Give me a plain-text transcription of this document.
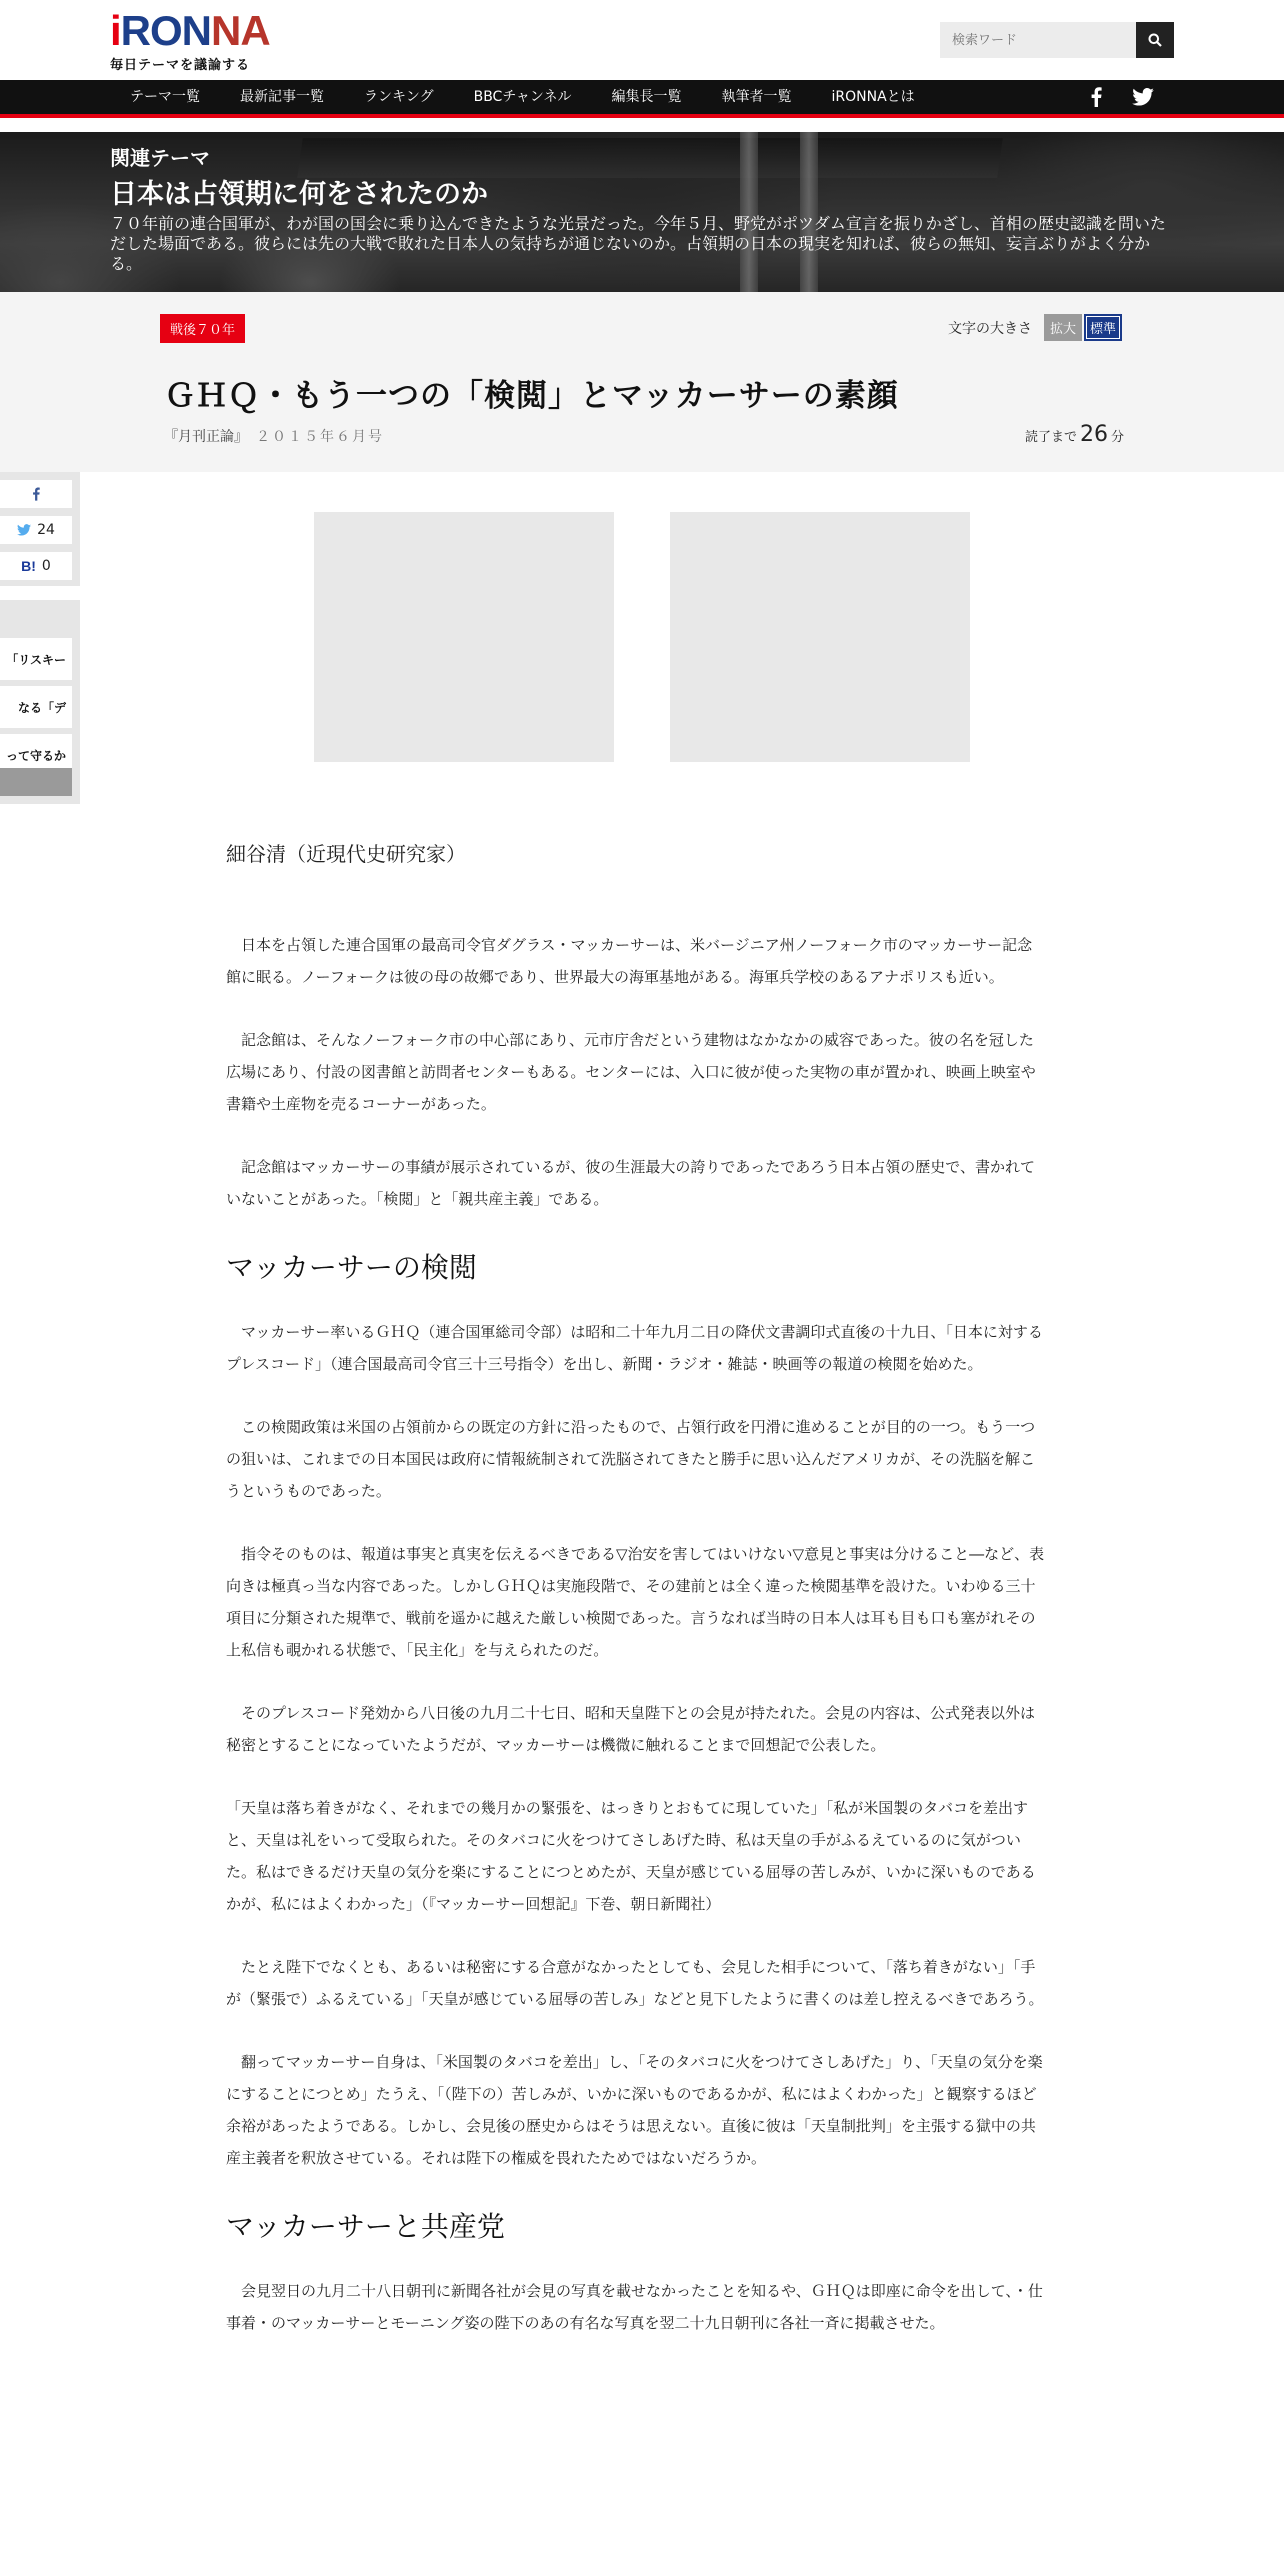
iRONNA
毎日テーマを議論する
検索ワード
テーマ一覧	最新記事一覧	ランキング	BBCチャンネル	編集長一覧	執筆者一覧	iRONNAとは
関連テーマ
日本は占領期に何をされたのか
７０年前の連合国軍が、わが国の国会に乗り込んできたような光景だった。今年５月、野党がポツダム宣言を振りかざし、首相の歴史認識を問いただした場面である。彼らには先の大戦で敗れた日本人の気持ちが通じないのか。占領期の日本の現実を知れば、彼らの無知、妄言ぶりがよく分かる。
戦後７０年	文字の大きさ	拡大	標準
ＧＨＱ・もう一つの「検閲」とマッカーサーの素顔
『月刊正論』 ２０１５年６月号	読了まで 26 分
24
B! 0
「リスキー
なる「デ
って守るか
細谷清（近現代史研究家）

日本を占領した連合国軍の最高司令官ダグラス・マッカーサーは、米バージニア州ノーフォーク市のマッカーサー記念館に眠る。ノーフォークは彼の母の故郷であり、世界最大の海軍基地がある。海軍兵学校のあるアナポリスも近い。

記念館は、そんなノーフォーク市の中心部にあり、元市庁舎だという建物はなかなかの威容であった。彼の名を冠した広場にあり、付設の図書館と訪問者センターもある。センターには、入口に彼が使った実物の車が置かれ、映画上映室や書籍や土産物を売るコーナーがあった。

記念館はマッカーサーの事績が展示されているが、彼の生涯最大の誇りであったであろう日本占領の歴史で、書かれていないことがあった。「検閲」と「親共産主義」である。

マッカーサーの検閲

マッカーサー率いるＧＨＱ（連合国軍総司令部）は昭和二十年九月二日の降伏文書調印式直後の十九日、「日本に対するプレスコード」（連合国最高司令官三十三号指令）を出し、新聞・ラジオ・雑誌・映画等の報道の検閲を始めた。

この検閲政策は米国の占領前からの既定の方針に沿ったもので、占領行政を円滑に進めることが目的の一つ。もう一つの狙いは、これまでの日本国民は政府に情報統制されて洗脳されてきたと勝手に思い込んだアメリカが、その洗脳を解こうというものであった。

指令そのものは、報道は事実と真実を伝えるべきである▽治安を害してはいけない▽意見と事実は分けること―など、表向きは極真っ当な内容であった。しかしＧＨＱは実施段階で、その建前とは全く違った検閲基準を設けた。いわゆる三十項目に分類された規準で、戦前を遥かに越えた厳しい検閲であった。言うなれば当時の日本人は耳も目も口も塞がれその上私信も覗かれる状態で、「民主化」を与えられたのだ。

そのプレスコード発効から八日後の九月二十七日、昭和天皇陛下との会見が持たれた。会見の内容は、公式発表以外は秘密とすることになっていたようだが、マッカーサーは機微に触れることまで回想記で公表した。

「天皇は落ち着きがなく、それまでの幾月かの緊張を、はっきりとおもてに現していた」「私が米国製のタバコを差出すと、天皇は礼をいって受取られた。そのタバコに火をつけてさしあげた時、私は天皇の手がふるえているのに気がついた。私はできるだけ天皇の気分を楽にすることにつとめたが、天皇が感じている屈辱の苦しみが、いかに深いものであるかが、私にはよくわかった」（『マッカーサー回想記』下巻、朝日新聞社）

たとえ陛下でなくとも、あるいは秘密にする合意がなかったとしても、会見した相手について、「落ち着きがない」「手が（緊張で）ふるえている」「天皇が感じている屈辱の苦しみ」などと見下したように書くのは差し控えるべきであろう。

翻ってマッカーサー自身は、「米国製のタバコを差出」し、「そのタバコに火をつけてさしあげた」り、「天皇の気分を楽にすることにつとめ」たうえ、「（陛下の）苦しみが、いかに深いものであるかが、私にはよくわかった」と観察するほど余裕があったようである。しかし、会見後の歴史からはそうは思えない。直後に彼は「天皇制批判」を主張する獄中の共産主義者を釈放させている。それは陛下の権威を畏れたためではないだろうか。

マッカーサーと共産党

会見翌日の九月二十八日朝刊に新聞各社が会見の写真を載せなかったことを知るや、ＧＨＱは即座に命令を出して、・仕事着・のマッカーサーとモーニング姿の陛下のあの有名な写真を翌二十九日朝刊に各社一斉に掲載させた。
